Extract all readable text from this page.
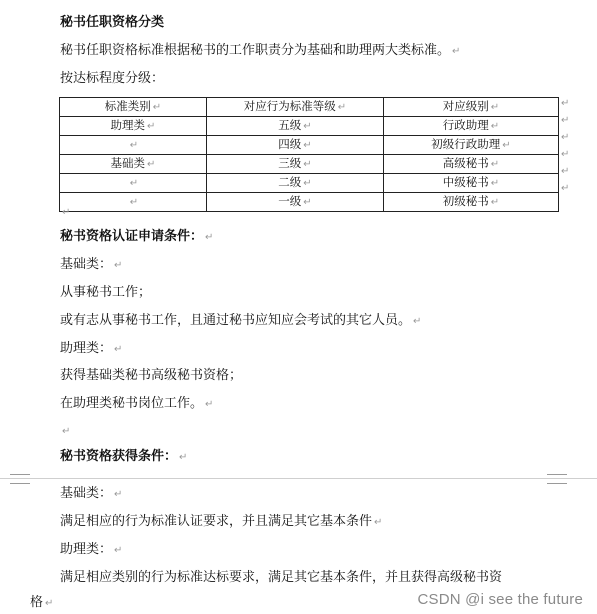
秘书任职资格分类
秘书任职资格标准根据秘书的工作职责分为基础和助理两大类标准。 ↵
按达标程度分级：
标准类别 ↵	对应行为标准等级 ↵	对应级别 ↵
助理类 ↵	五级 ↵	行政助理 ↵
↵	四级 ↵	初级行政助理 ↵
基础类 ↵	三级 ↵	高级秘书 ↵
↵	二级 ↵	中级秘书 ↵
↵	一级 ↵	初级秘书 ↵
↵
↵
↵
↵
↵
↵
↵
秘书资格认证申请条件： ↵
基础类： ↵
从事秘书工作；
或有志从事秘书工作，且通过秘书应知应会考试的其它人员。 ↵
助理类： ↵
获得基础类秘书高级秘书资格；
在助理类秘书岗位工作。 ↵
↵
秘书资格获得条件： ↵
基础类： ↵
满足相应的行为标准认证要求，并且满足其它基本条件 ↵
助理类： ↵
满足相应类别的行为标准达标要求，满足其它基本条件，并且获得高级秘书资
格 ↵	CSDN @i see the future
